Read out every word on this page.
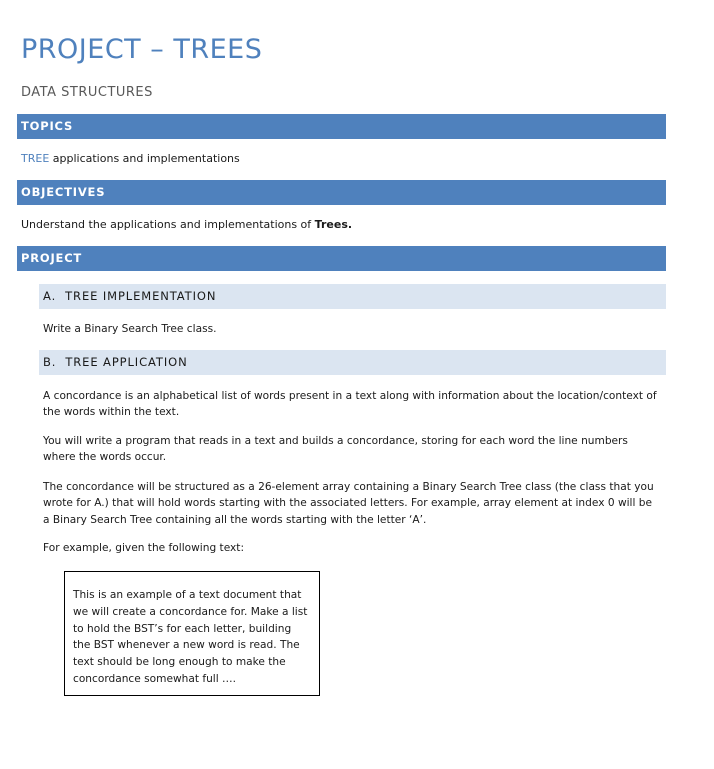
PROJECT – TREES
DATA STRUCTURES
TOPICS
TREE applications and implementations
OBJECTIVES
Understand the applications and implementations of Trees.
PROJECT
A. TREE IMPLEMENTATION

Write a Binary Search Tree class.

B. TREE APPLICATION

A concordance is an alphabetical list of words present in a text along with information about the location/context of the words within the text.

You will write a program that reads in a text and builds a concordance, storing for each word the line numbers where the words occur.

The concordance will be structured as a 26-element array containing a Binary Search Tree class (the class that you wrote for A.) that will hold words starting with the associated letters. For example, array element at index 0 will be a Binary Search Tree containing all the words starting with the letter ‘A’.

For example, given the following text:

This is an example of a text document that we will create a concordance for. Make a list to hold the BST’s for each letter, building the BST whenever a new word is read. The text should be long enough to make the concordance somewhat full ….
